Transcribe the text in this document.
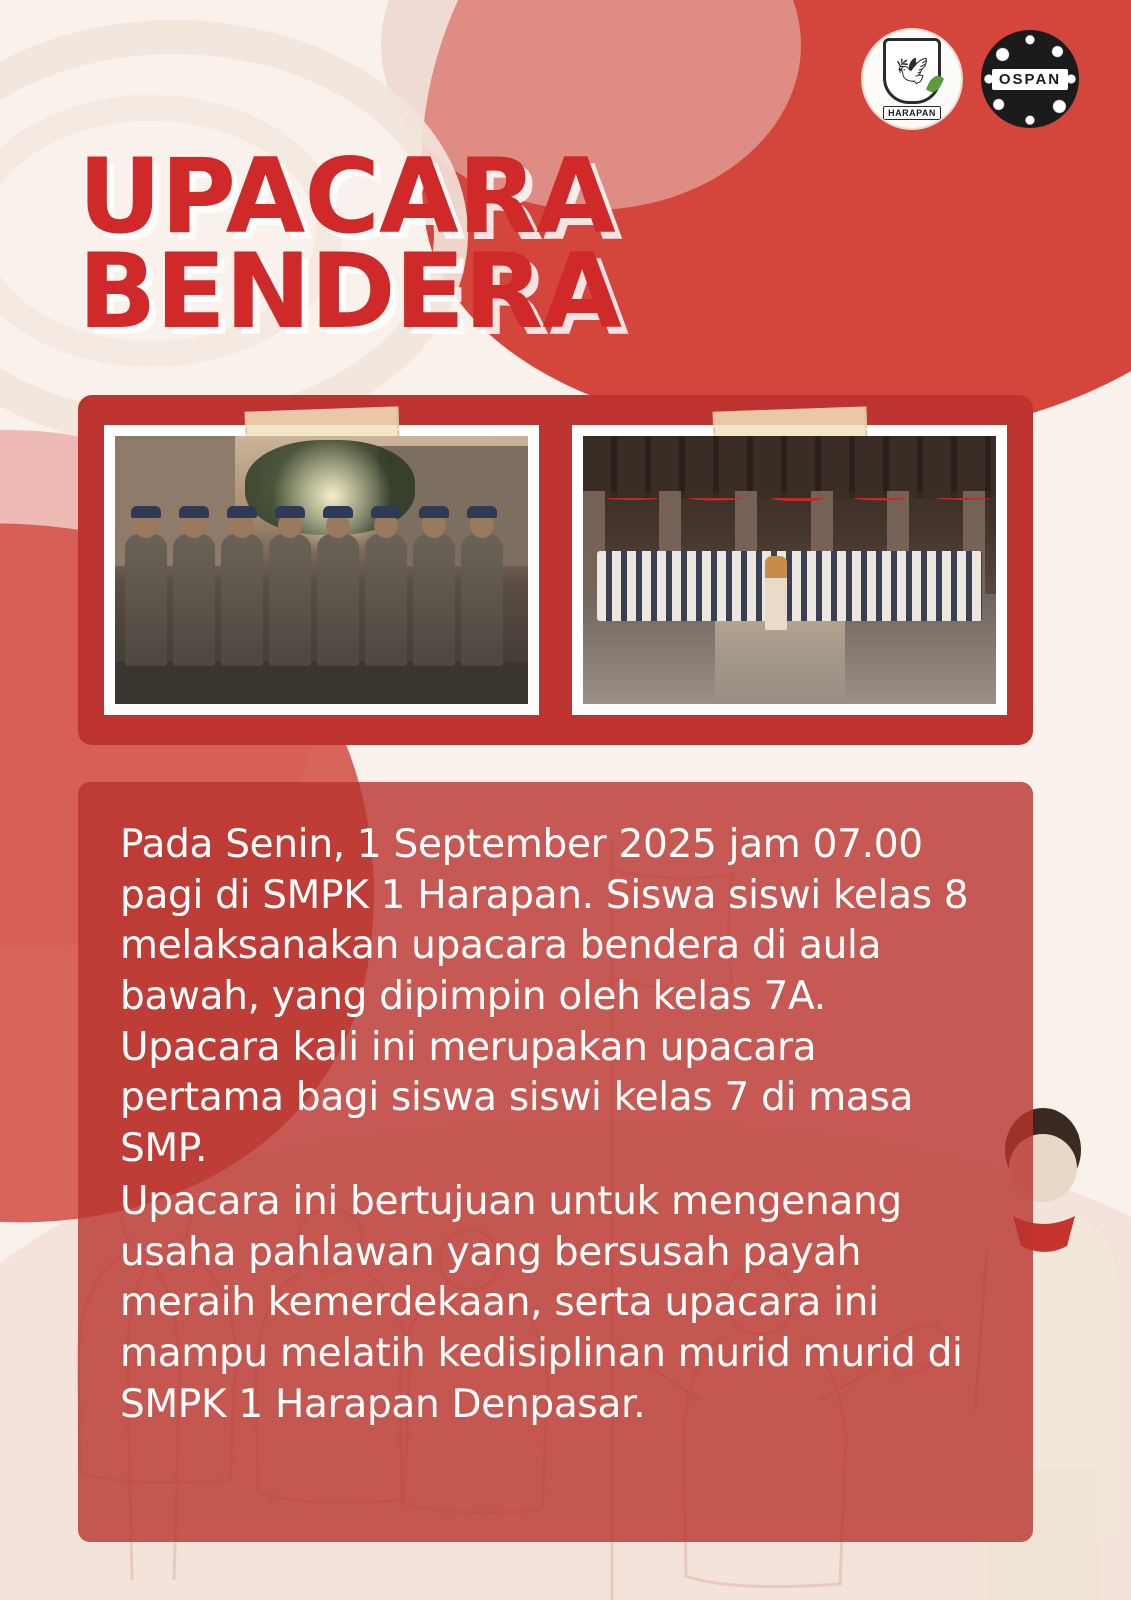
🕊
HARAPAN
OSPAN
UPACARA
BENDERA

Pada Senin, 1 September 2025 jam 07.00 pagi di SMPK 1 Harapan. Siswa siswi kelas 8 melaksanakan upacara bendera di aula bawah, yang dipimpin oleh kelas 7A. Upacara kali ini merupakan upacara pertama bagi siswa siswi kelas 7 di masa SMP.

Upacara ini bertujuan untuk mengenang usaha pahlawan yang bersusah payah meraih kemerdekaan, serta upacara ini mampu melatih kedisiplinan murid murid di SMPK 1 Harapan Denpasar.
